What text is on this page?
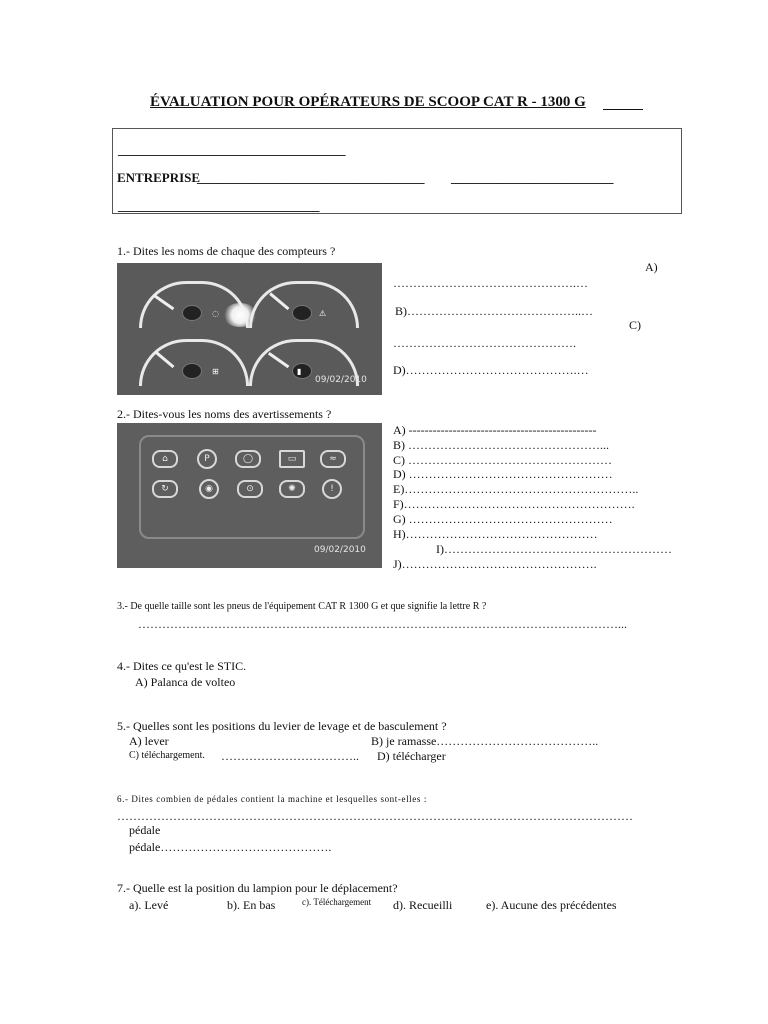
ÉVALUATION POUR OPÉRATEURS DE SCOOP CAT R - 1300 G
___________________________________
ENTREPRISE
___________________________________ _________________________
_______________________________
1.- Dites les noms de chaque des compteurs ?
◌	⚠
⊞	▮
09/02/2010
A)
……………………………………….…
B)……………………………………..…
C)
……………………………………….
D)…………………………………….…
2.- Dites-vous les noms des avertissements ?
⌂	P	◯	▭	≈
↻	◉	⊙	✺	!
09/02/2010
A) -----------------------------------------------
B) …………………………………………...
C) ……………………………………………
D) ……………………………………………
E)…………………………………………………..
F)………………………………………………….
G) ……………………………………………
H)…………………………………………
I)…………………………………………………
J)………………………………………….
3.- De quelle taille sont les pneus de l'équipement CAT R 1300 G et que signifie la lettre R ?
…………………………………………………………………………………………………………...
4.- Dites ce qu'est le STIC.
A) Palanca de volteo
5.- Quelles sont les positions du levier de levage et de basculement ?
A) lever	B) je ramasse…………………………………..
C) téléchargement. …………………………….. D) télécharger
6.- Dites combien de pédales contient la machine et lesquelles sont-elles :
…………………………………………………………………………………………………………………
pédale
pédale…………………………………….
7.- Quelle est la position du lampion pour le déplacement?
a). Levé	b). En bas	c). Téléchargement d). Recueilli	e). Aucune des précédentes
